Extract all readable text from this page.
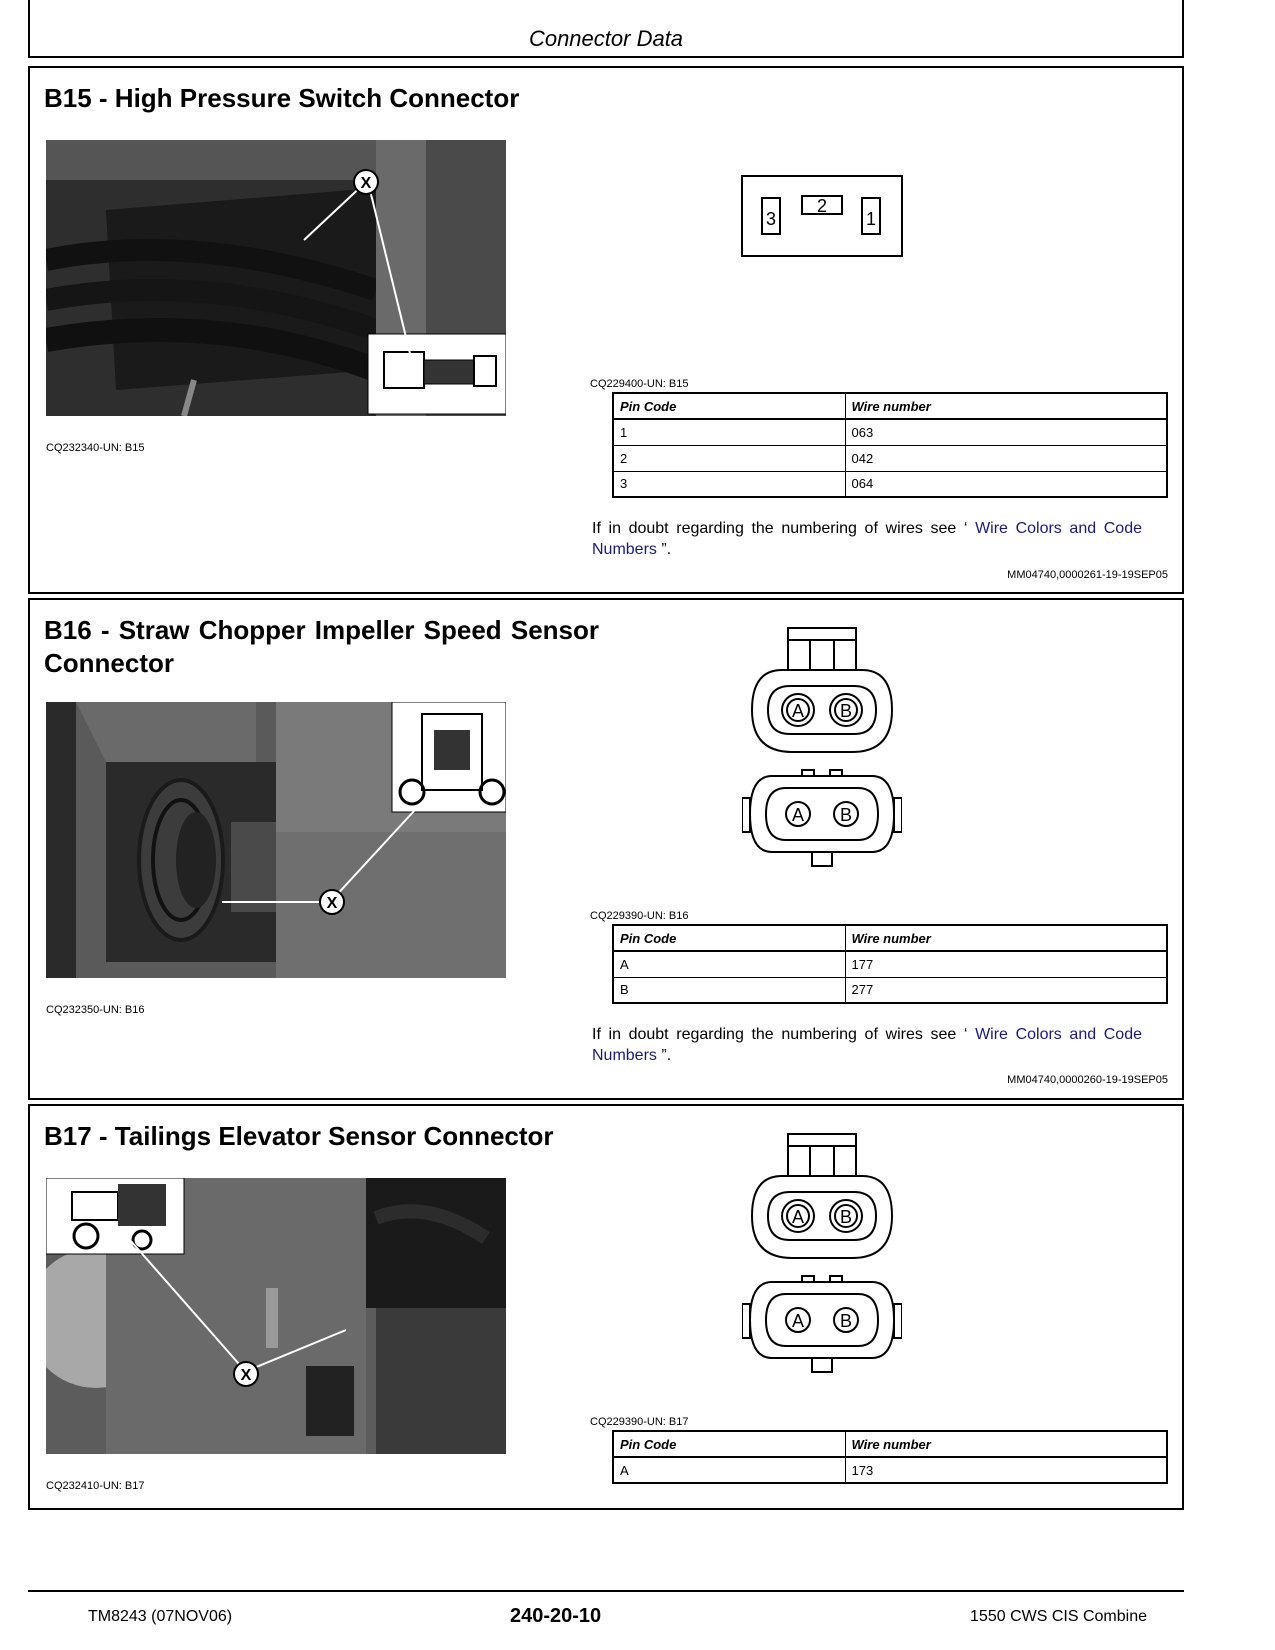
Connector Data
B15 - High Pressure Switch Connector
X
CQ232340-UN: B15
3
2
1
CQ229400-UN: B15
Pin Code	Wire number
1	063
2	042
3	064
If in doubt regarding the numbering of wires see ‘ Wire Colors and Code Numbers ”.
MM04740,0000261-19-19SEP05
B16 - Straw Chopper Impeller Speed Sensor Connector
X
CQ232350-UN: B16
A B
A B
CQ229390-UN: B16
Pin Code	Wire number
A	177
B	277
If in doubt regarding the numbering of wires see ‘ Wire Colors and Code Numbers ”.
MM04740,0000260-19-19SEP05
B17 - Tailings Elevator Sensor Connector
X
CQ232410-UN: B17
A B
A B
CQ229390-UN: B17
Pin Code	Wire number
A	173
TM8243 (07NOV06)	240-20-10	1550 CWS CIS Combine
